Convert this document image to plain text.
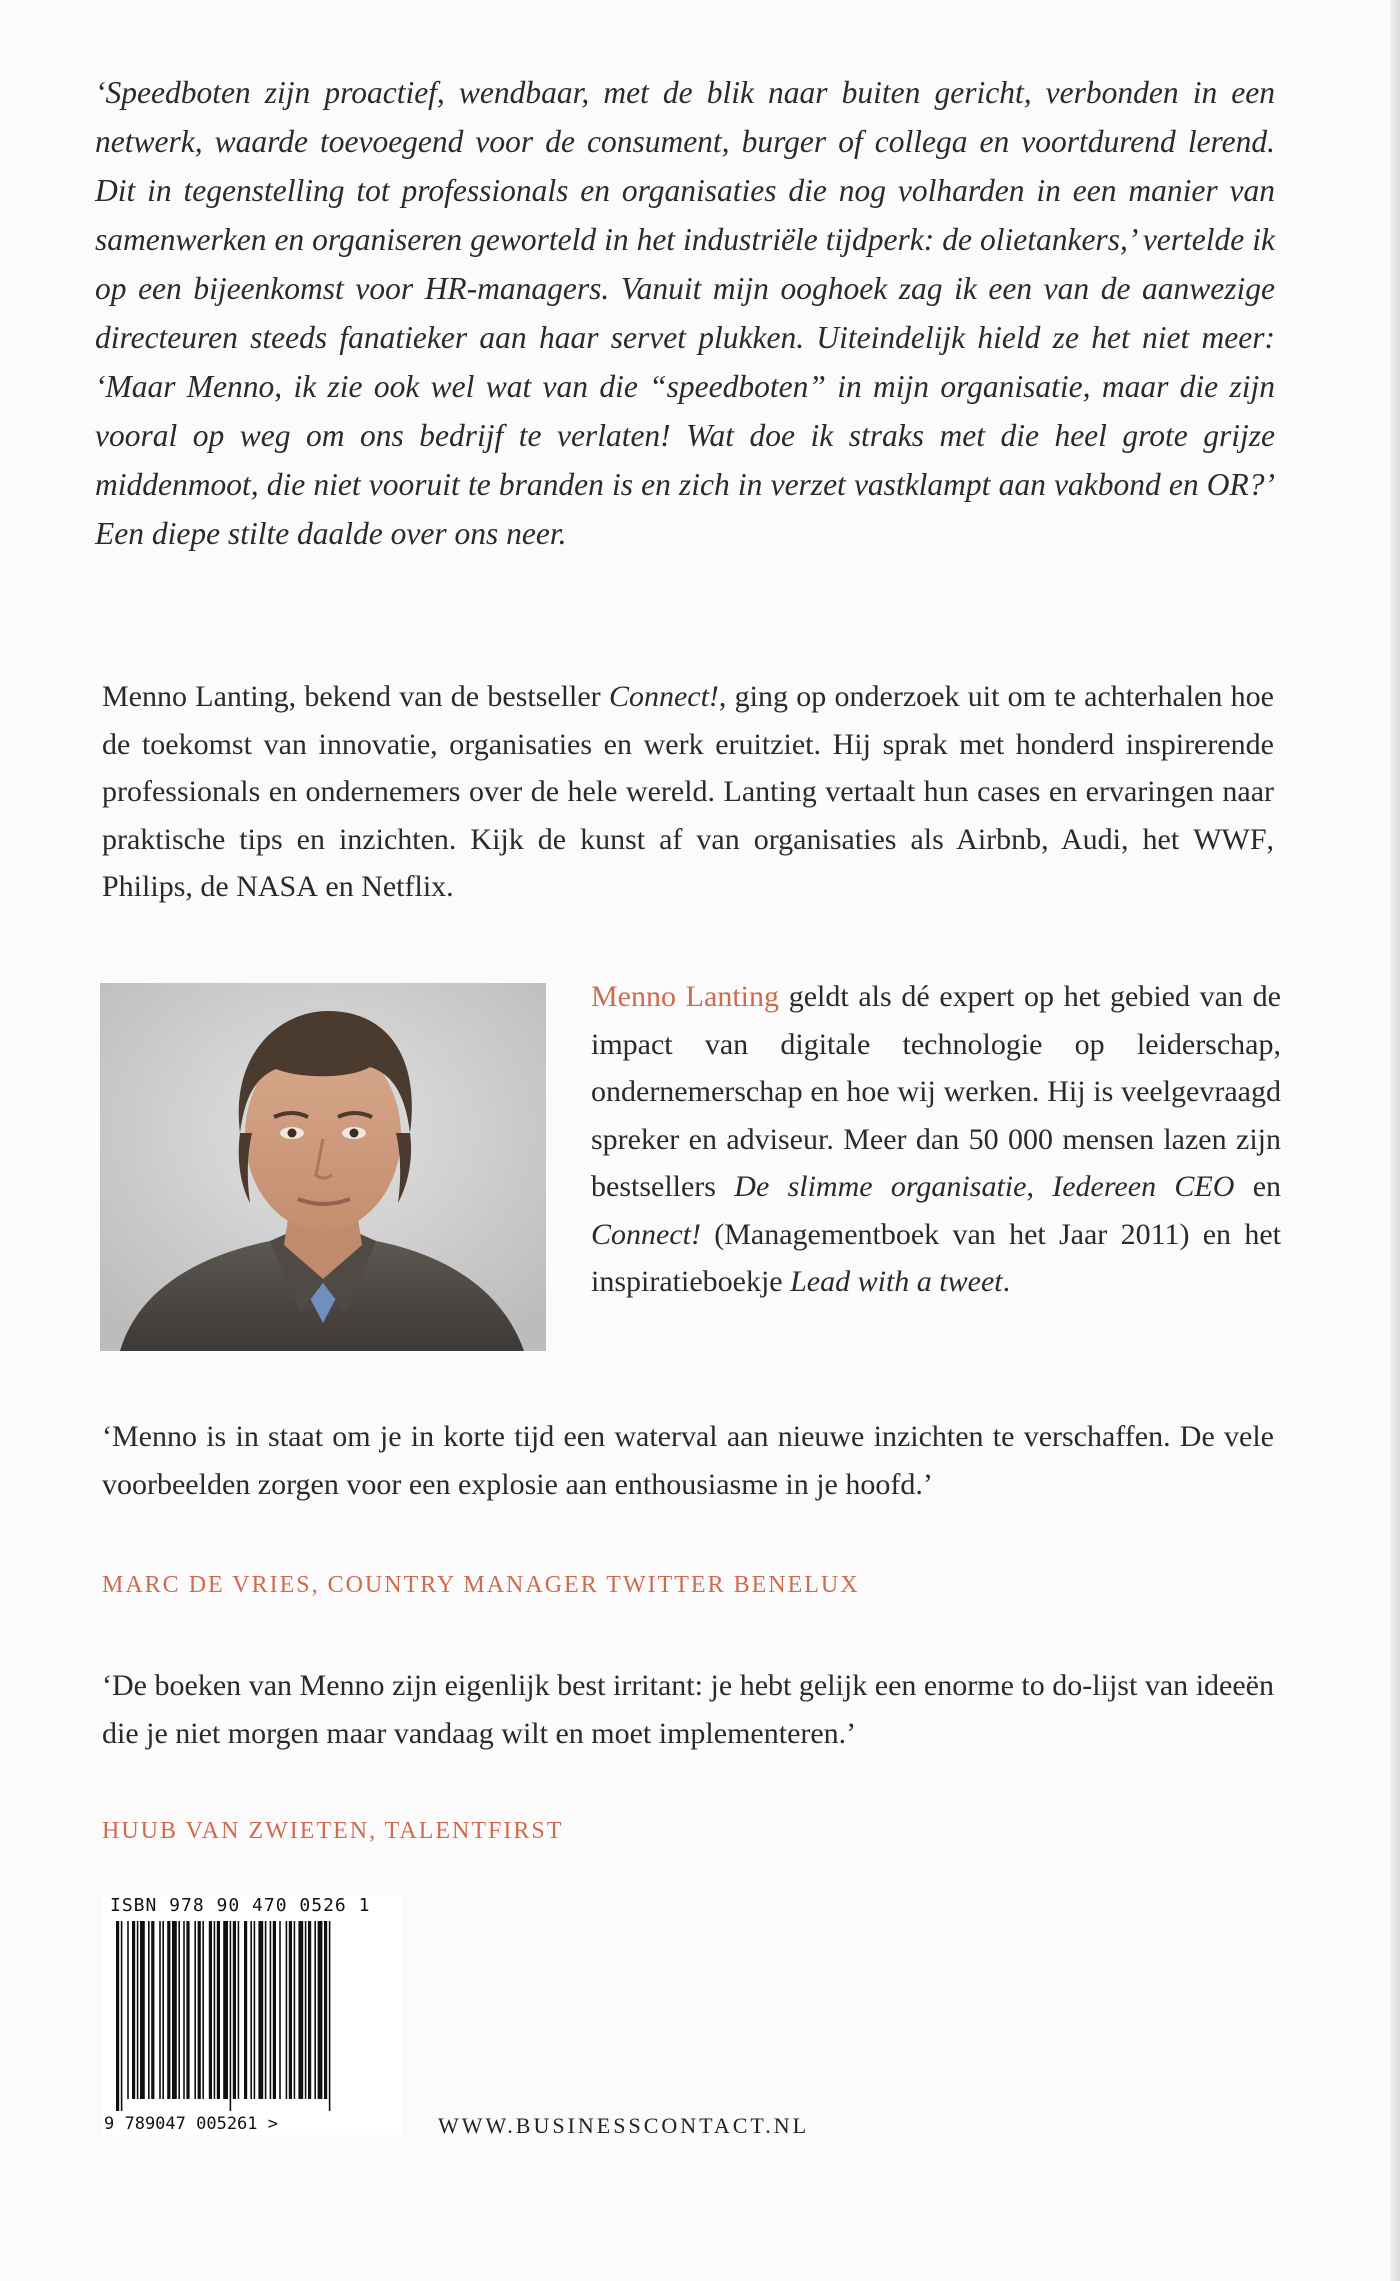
‘Speedboten zijn proactief, wendbaar, met de blik naar buiten gericht, verbonden in een netwerk, waarde toevoegend voor de consument, burger of collega en voortdurend lerend. Dit in tegenstelling tot professionals en organisaties die nog volharden in een manier van samenwerken en organiseren geworteld in het industriële tijdperk: de olietankers,’ vertelde ik op een bijeenkomst voor HR-managers. Vanuit mijn ooghoek zag ik een van de aanwezige directeuren steeds fanatieker aan haar servet plukken. Uiteindelijk hield ze het niet meer: ‘Maar Menno, ik zie ook wel wat van die “speedboten” in mijn organisatie, maar die zijn vooral op weg om ons bedrijf te verlaten! Wat doe ik straks met die heel grote grijze middenmoot, die niet vooruit te branden is en zich in verzet vastklampt aan vakbond en OR?’ Een diepe stilte daalde over ons neer.

Menno Lanting, bekend van de bestseller Connect!, ging op onderzoek uit om te achterhalen hoe de toekomst van innovatie, organisaties en werk eruitziet. Hij sprak met honderd inspirerende professionals en ondernemers over de hele wereld. Lanting vertaalt hun cases en ervaringen naar praktische tips en inzichten. Kijk de kunst af van organisaties als Airbnb, Audi, het WWF, Philips, de NASA en Netflix.

Menno Lanting geldt als dé expert op het gebied van de impact van digitale technologie op leiderschap, ondernemerschap en hoe wij werken. Hij is veelgevraagd spreker en adviseur. Meer dan 50 000 mensen lazen zijn bestsellers De slimme organisatie, Iedereen CEO en Connect! (Managementboek van het Jaar 2011) en het inspiratieboekje Lead with a tweet.

‘Menno is in staat om je in korte tijd een waterval aan nieuwe inzichten te verschaffen. De vele voorbeelden zorgen voor een explosie aan enthousiasme in je hoofd.’

MARC DE VRIES, COUNTRY MANAGER TWITTER BENELUX

‘De boeken van Menno zijn eigenlijk best irritant: je hebt gelijk een enorme to do-lijst van ideeën die je niet morgen maar vandaag wilt en moet implementeren.’

HUUB VAN ZWIETEN, TALENTFIRST
ISBN 978 90 470 0526 1
9 789047 005261 >	WWW.BUSINESSCONTACT.NL
